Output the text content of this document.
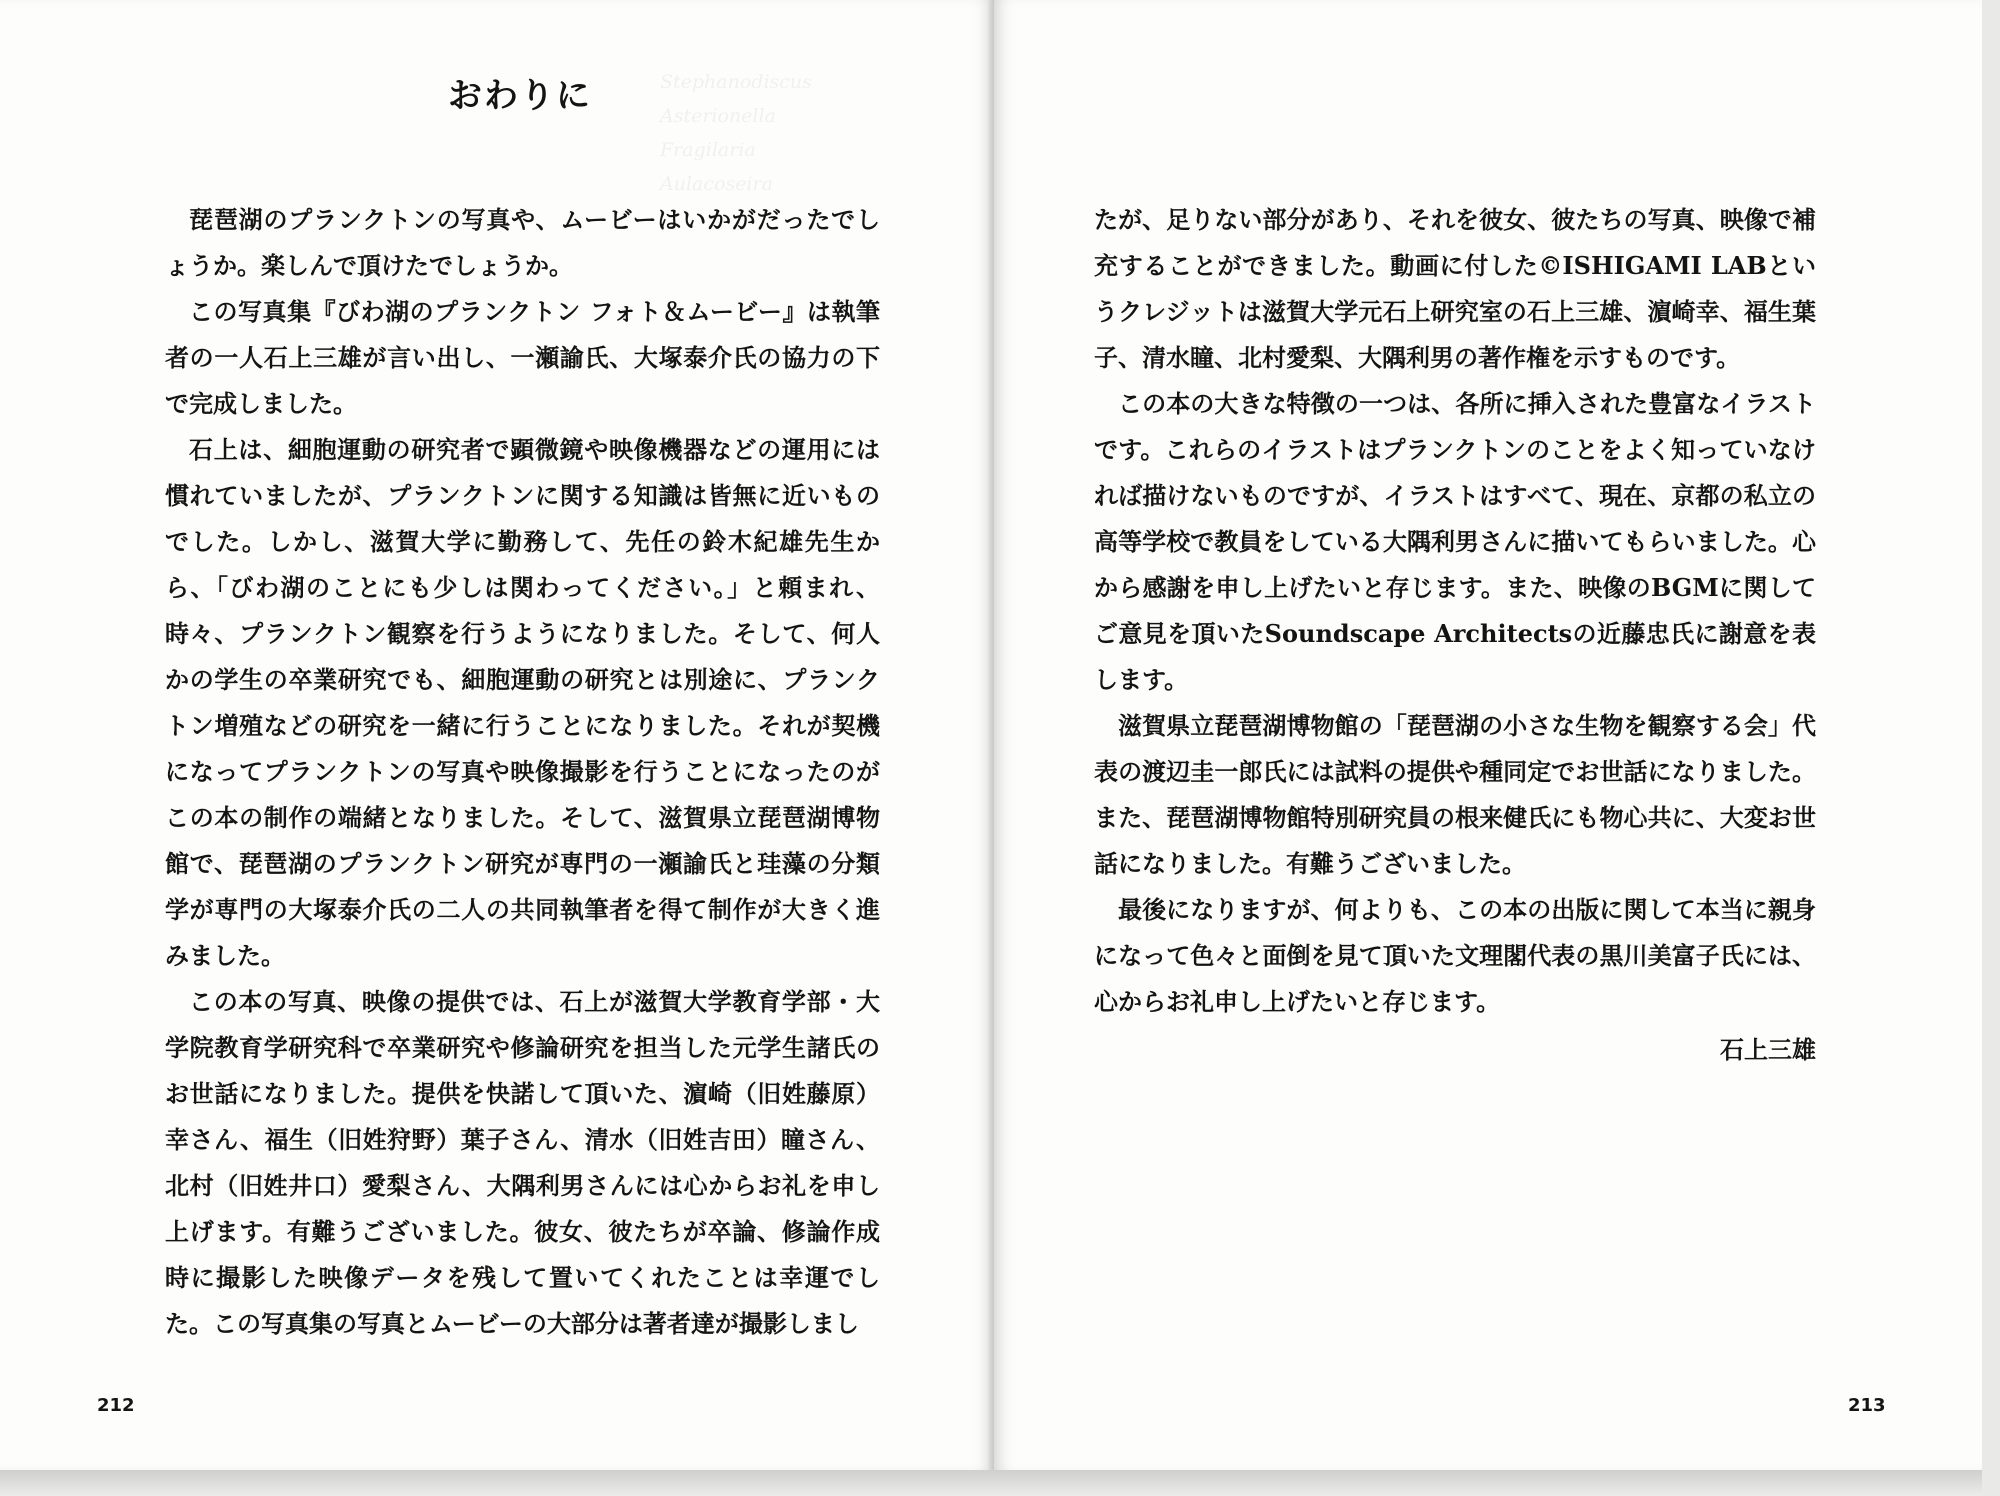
Stephanodiscus
Asterionella
Fragilaria
Aulacoseira
おわりに

琵琶湖のプランクトンの写真や、ムービーはいかがだったでしょうか。楽しんで頂けたでしょうか。

この写真集『びわ湖のプランクトン フォト＆ムービー』は執筆者の一人石上三雄が言い出し、一瀬諭氏、大塚泰介氏の協力の下で完成しました。

石上は、細胞運動の研究者で顕微鏡や映像機器などの運用には慣れていましたが、プランクトンに関する知識は皆無に近いものでした。しかし、滋賀大学に勤務して、先任の鈴木紀雄先生から、「びわ湖のことにも少しは関わってください。」と頼まれ、時々、プランクトン観察を行うようになりました。そして、何人かの学生の卒業研究でも、細胞運動の研究とは別途に、プランクトン増殖などの研究を一緒に行うことになりました。それが契機になってプランクトンの写真や映像撮影を行うことになったのがこの本の制作の端緒となりました。そして、滋賀県立琵琶湖博物館で、琵琶湖のプランクトン研究が専門の一瀬諭氏と珪藻の分類学が専門の大塚泰介氏の二人の共同執筆者を得て制作が大きく進みました。

この本の写真、映像の提供では、石上が滋賀大学教育学部・大学院教育学研究科で卒業研究や修論研究を担当した元学生諸氏のお世話になりました。提供を快諾して頂いた、濵崎（旧姓藤原）幸さん、福生（旧姓狩野）葉子さん、清水（旧姓吉田）瞳さん、北村（旧姓井口）愛梨さん、大隅利男さんには心からお礼を申し上げます。有難うございました。彼女、彼たちが卒論、修論作成時に撮影した映像データを残して置いてくれたことは幸運でした。この写真集の写真とムービーの大部分は著者達が撮影しまし

212

たが、足りない部分があり、それを彼女、彼たちの写真、映像で補充することができました。動画に付した©ISHIGAMI LABというクレジットは滋賀大学元石上研究室の石上三雄、濵崎幸、福生葉子、清水瞳、北村愛梨、大隅利男の著作権を示すものです。

この本の大きな特徴の一つは、各所に挿入された豊富なイラストです。これらのイラストはプランクトンのことをよく知っていなければ描けないものですが、イラストはすべて、現在、京都の私立の高等学校で教員をしている大隅利男さんに描いてもらいました。心から感謝を申し上げたいと存じます。また、映像のBGMに関してご意見を頂いたSoundscape Architectsの近藤忠氏に謝意を表します。

滋賀県立琵琶湖博物館の「琵琶湖の小さな生物を観察する会」代表の渡辺圭一郎氏には試料の提供や種同定でお世話になりました。また、琵琶湖博物館特別研究員の根来健氏にも物心共に、大変お世話になりました。有難うございました。

最後になりますが、何よりも、この本の出版に関して本当に親身になって色々と面倒を見て頂いた文理閣代表の黒川美富子氏には、心からお礼申し上げたいと存じます。

石上三雄
213
